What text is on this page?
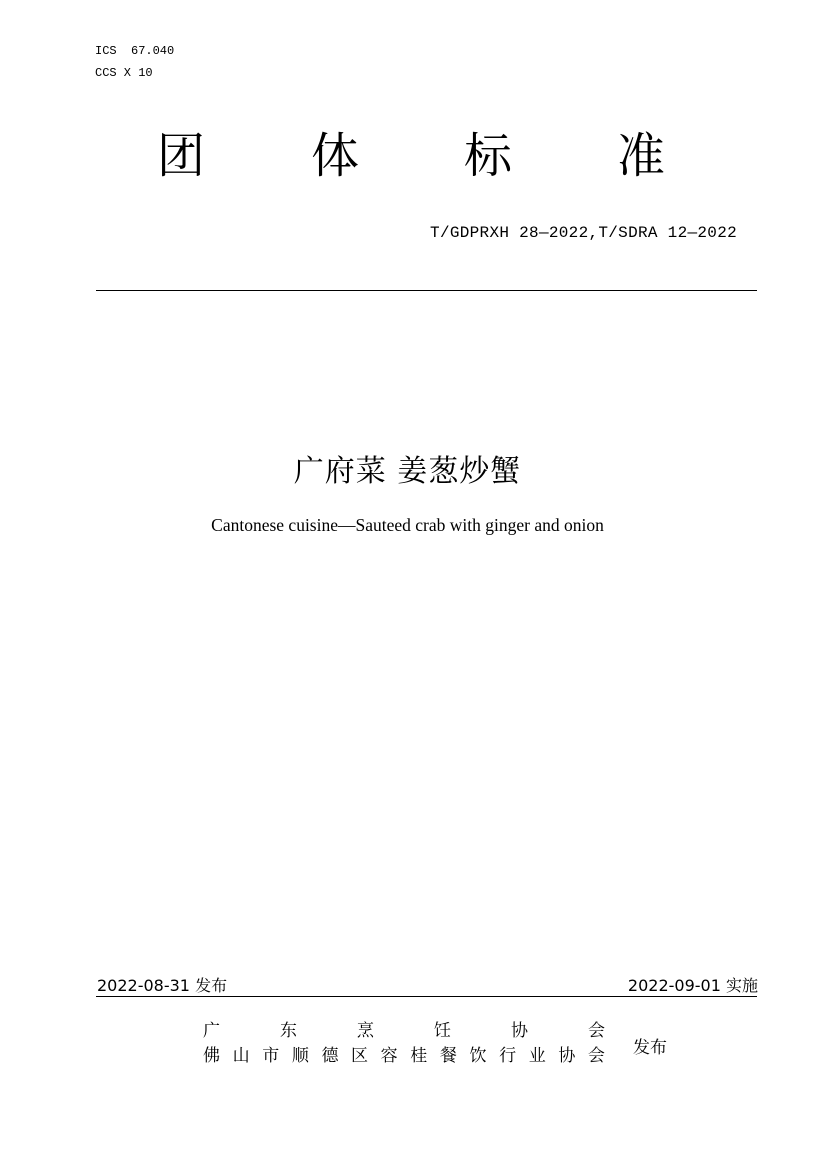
ICS  67.040
CCS X 10
团 体 标 准
T/GDPRXH 28—2022,T/SDRA 12—2022
广府菜 姜葱炒蟹
Cantonese cuisine—Sauteed crab with ginger and onion
2022-08-31 发布	2022-09-01 实施
广	东	烹	饪	协	会
佛 山 市 顺 德 区 容 桂 餐 饮 行 业 协 会 发布
